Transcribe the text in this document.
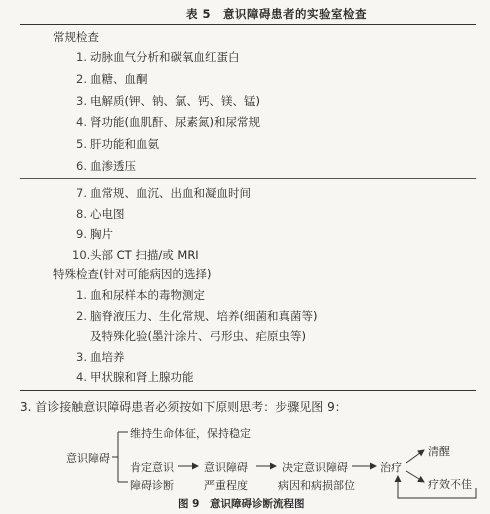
表 5　意识障碍患者的实验室检查
常规检查
1. 动脉血气分析和碳氧血红蛋白
2. 血糖、血酮
3. 电解质(钾、钠、氯、钙、镁、锰)
4. 肾功能(血肌酐、尿素氮)和尿常规
5. 肝功能和血氨
6. 血渗透压
7. 血常规、血沉、出血和凝血时间
8. 心电图
9. 胸片
10.头部 CT 扫描/或 MRI
特殊检查(针对可能病因的选择)
1. 血和尿样本的毒物测定
2. 脑脊液压力、生化常规、培养(细菌和真菌等)
及特殊化验(墨汁涂片、弓形虫、疟原虫等)
3. 血培养
4. 甲状腺和肾上腺功能
3. 首诊接触意识障碍患者必须按如下原则思考：步骤见图 9：
意识障碍
维持生命体征，保持稳定
肯定意识
障碍诊断
意识障碍
严重程度
决定意识障碍
病因和病损部位
治疗
清醒
疗效不佳
图 9　意识障碍诊断流程图
